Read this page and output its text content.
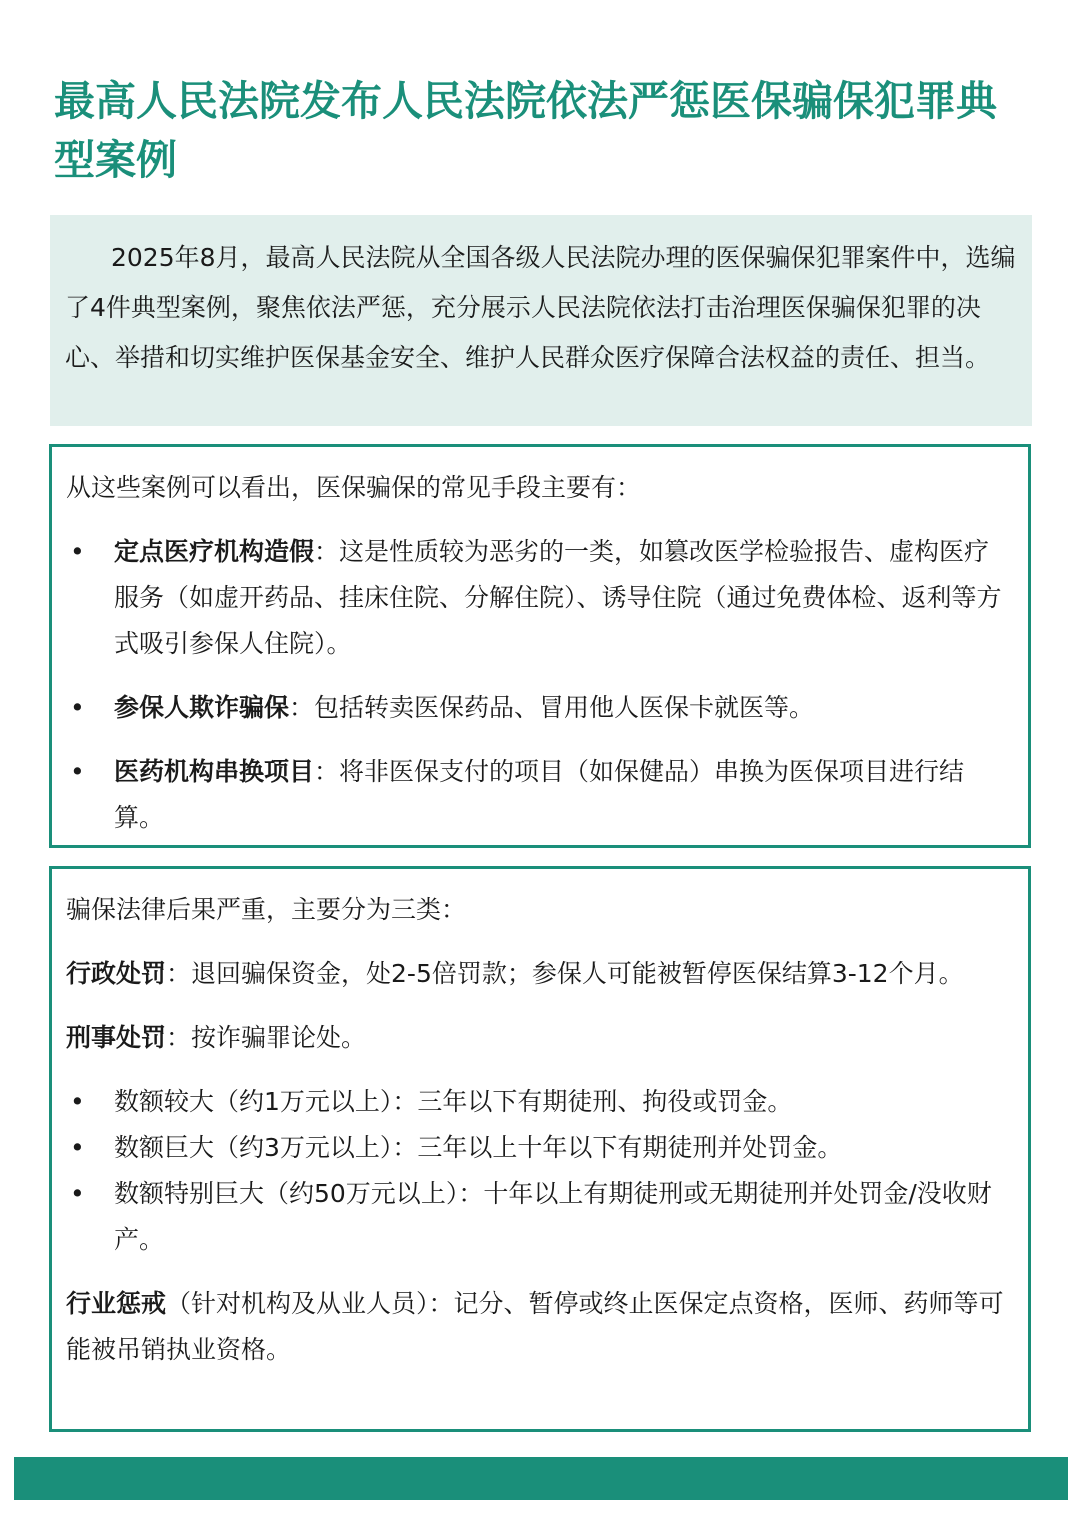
最高人民法院发布人民法院依法严惩医保骗保犯罪典型案例

2025年8月，最高人民法院从全国各级人民法院办理的医保骗保犯罪案件中，选编了4件典型案例，聚焦依法严惩，充分展示人民法院依法打击治理医保骗保犯罪的决心、举措和切实维护医保基金安全、维护人民群众医疗保障合法权益的责任、担当。

从这些案例可以看出，医保骗保的常见手段主要有：

• 定点医疗机构造假：这是性质较为恶劣的一类，如篡改医学检验报告、虚构医疗服务（如虚开药品、挂床住院、分解住院）、诱导住院（通过免费体检、返利等方式吸引参保人住院）。
• 参保人欺诈骗保：包括转卖医保药品、冒用他人医保卡就医等。
• 医药机构串换项目：将非医保支付的项目（如保健品）串换为医保项目进行结算。

骗保法律后果严重，主要分为三类：

行政处罚：退回骗保资金，处2-5倍罚款；参保人可能被暂停医保结算3-12个月。

刑事处罚：按诈骗罪论处。

• 数额较大（约1万元以上）：三年以下有期徒刑、拘役或罚金。
• 数额巨大（约3万元以上）：三年以上十年以下有期徒刑并处罚金。
• 数额特别巨大（约50万元以上）：十年以上有期徒刑或无期徒刑并处罚金/没收财产。

行业惩戒（针对机构及从业人员）：记分、暂停或终止医保定点资格，医师、药师等可能被吊销执业资格。
